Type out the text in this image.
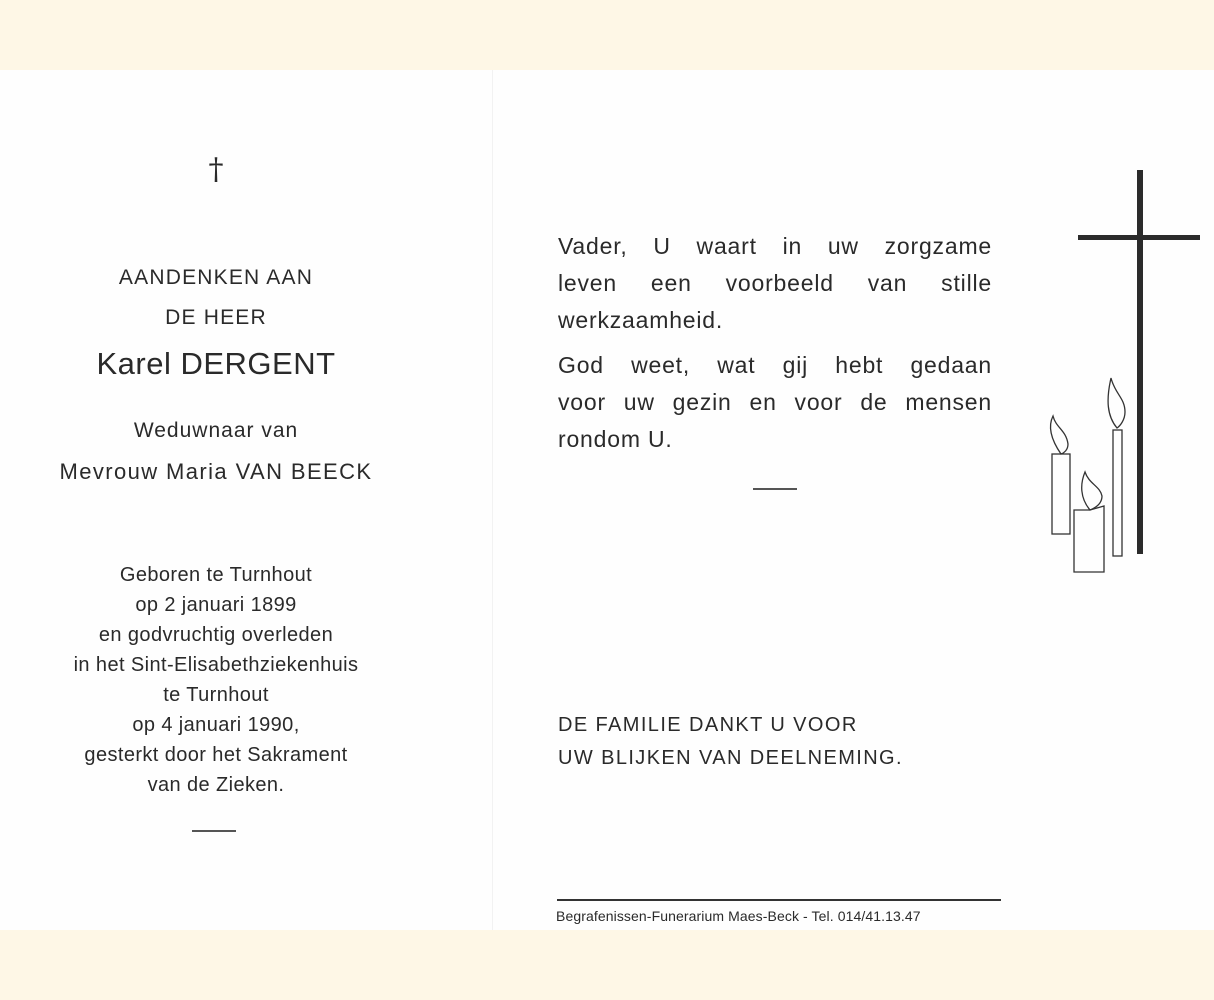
†
AANDENKEN AAN
DE HEER
Karel DERGENT
Weduwnaar van
Mevrouw Maria VAN BEECK
Geboren te Turnhout
op 2 januari 1899
en godvruchtig overleden
in het Sint-Elisabethziekenhuis
te Turnhout
op 4 januari 1990,
gesterkt door het Sakrament
van de Zieken.
Vader, U waart in uw zorgzame
leven een voorbeeld van stille
werkzaamheid.
God weet, wat gij hebt gedaan
voor uw gezin en voor de mensen
rondom U.
DE FAMILIE DANKT U VOOR
UW BLIJKEN VAN DEELNEMING.
Begrafenissen-Funerarium Maes-Beck - Tel. 014/41.13.47
